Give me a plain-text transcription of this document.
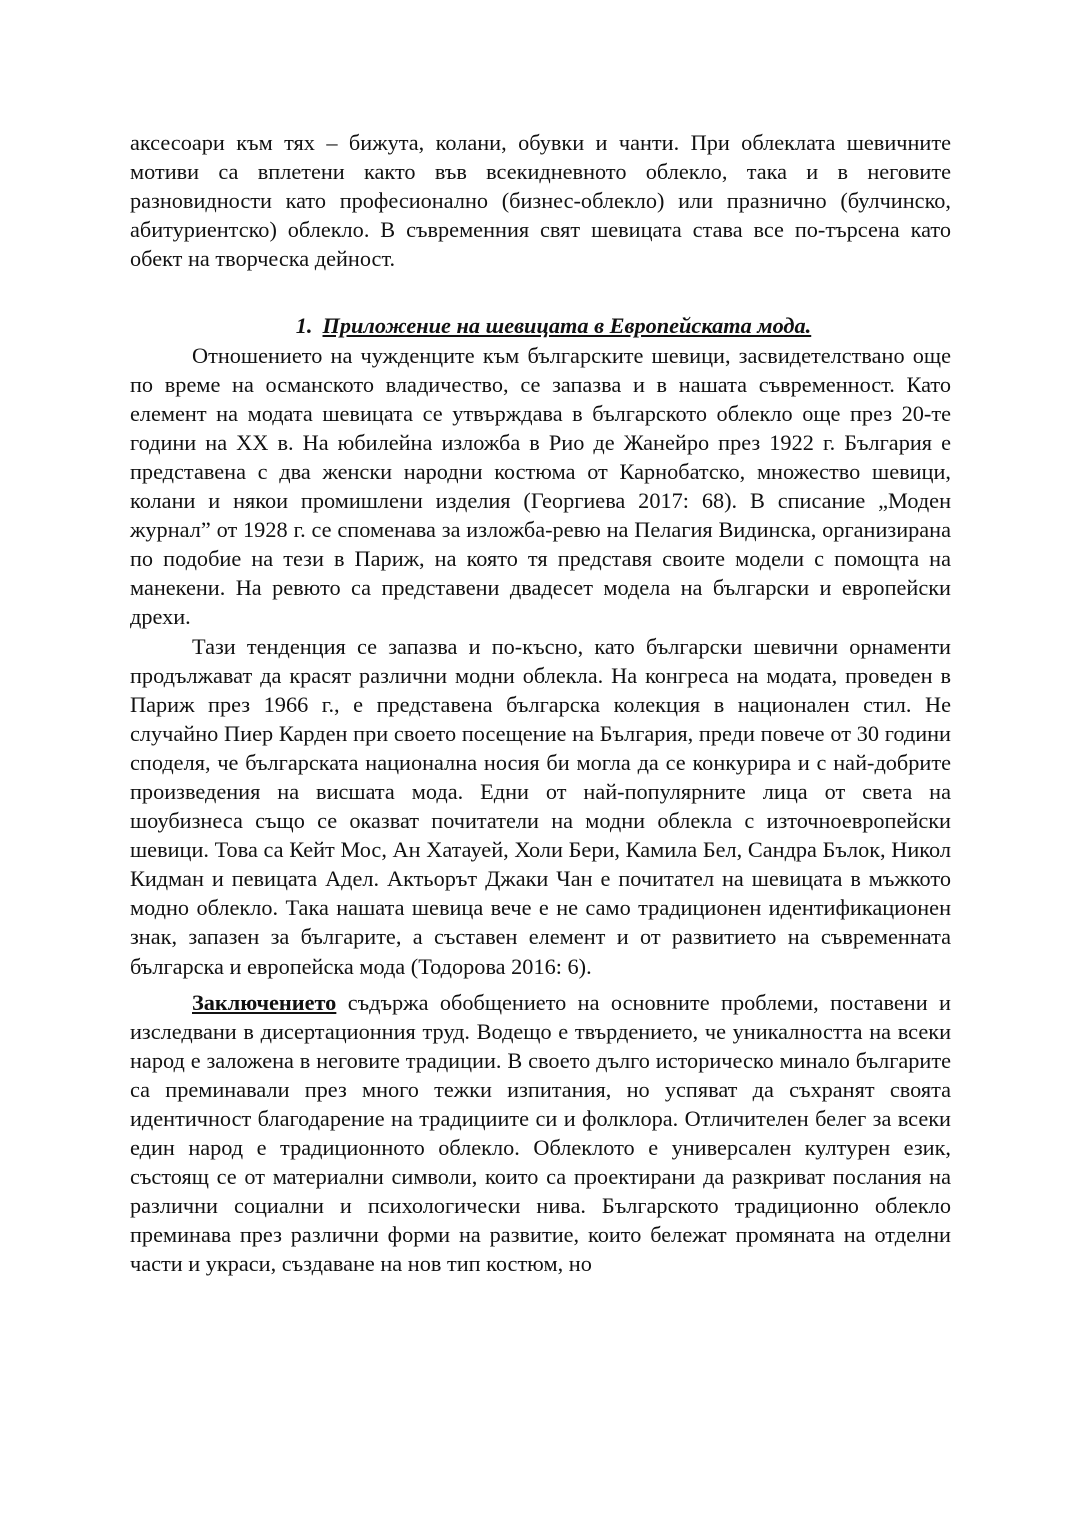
аксесоари към тях – бижута, колани, обувки и чанти. При облеклата шевичните мотиви са вплетени както във всекидневното облекло, така и в неговите разновидности като професионално (бизнес-облекло) или празнично (булчинско, абитуриентско) облекло. В съвременния свят шевицата става все по-търсена като обект на творческа дейност.

1. Приложение на шевицата в Европейската мода.

Отношението на чужденците към българските шевици, засвидетелствано още по време на османското владичество, се запазва и в нашата съвременност. Като елемент на модата шевицата се утвърждава в българското облекло още през 20-те години на XX в. На юбилейна изложба в Рио де Жанейро през 1922 г. България е представена с два женски народни костюма от Карнобатско, множество шевици, колани и някои промишлени изделия (Георгиева 2017: 68). В списание „Моден журнал” от 1928 г. се споменава за изложба-ревю на Пелагия Видинска, организирана по подобие на тези в Париж, на която тя представя своите модели с помощта на манекени. На ревюто са представени двадесет модела на български и европейски дрехи.

Тази тенденция се запазва и по-късно, като български шевични орнаменти продължават да красят различни модни облекла. На конгреса на модата, проведен в Париж през 1966 г., е представена българска колекция в национален стил. Не случайно Пиер Карден при своето посещение на България, преди повече от 30 години споделя, че българската национална носия би могла да се конкурира и с най-добрите произведения на висшата мода. Едни от най-популярните лица от света на шоубизнеса също се оказват почитатели на модни облекла с източноевропейски шевици. Това са Кейт Мос, Ан Хатауей, Холи Бери, Камила Бел, Сандра Бълок, Никол Кидман и певицата Адел. Актьорът Джаки Чан е почитател на шевицата в мъжкото модно облекло. Така нашата шевица вече е не само традиционен идентификационен знак, запазен за българите, а съставен елемент и от развитието на съвременната българска и европейска мода (Тодорова 2016: 6).

Заключението съдържа обобщението на основните проблеми, поставени и изследвани в дисертационния труд. Водещо е твърдението, че уникалността на всеки народ е заложена в неговите традиции. В своето дълго историческо минало българите са преминавали през много тежки изпитания, но успяват да съхранят своята идентичност благодарение на традициите си и фолклора. Отличителен белег за всеки един народ е традиционното облекло. Облеклото е универсален културен език, състоящ се от материални символи, които са проектирани да разкриват послания на различни социални и психологически нива. Българското традиционно облекло преминава през различни форми на развитие, които бележат промяната на отделни части и украси, създаване на нов тип костюм, но
